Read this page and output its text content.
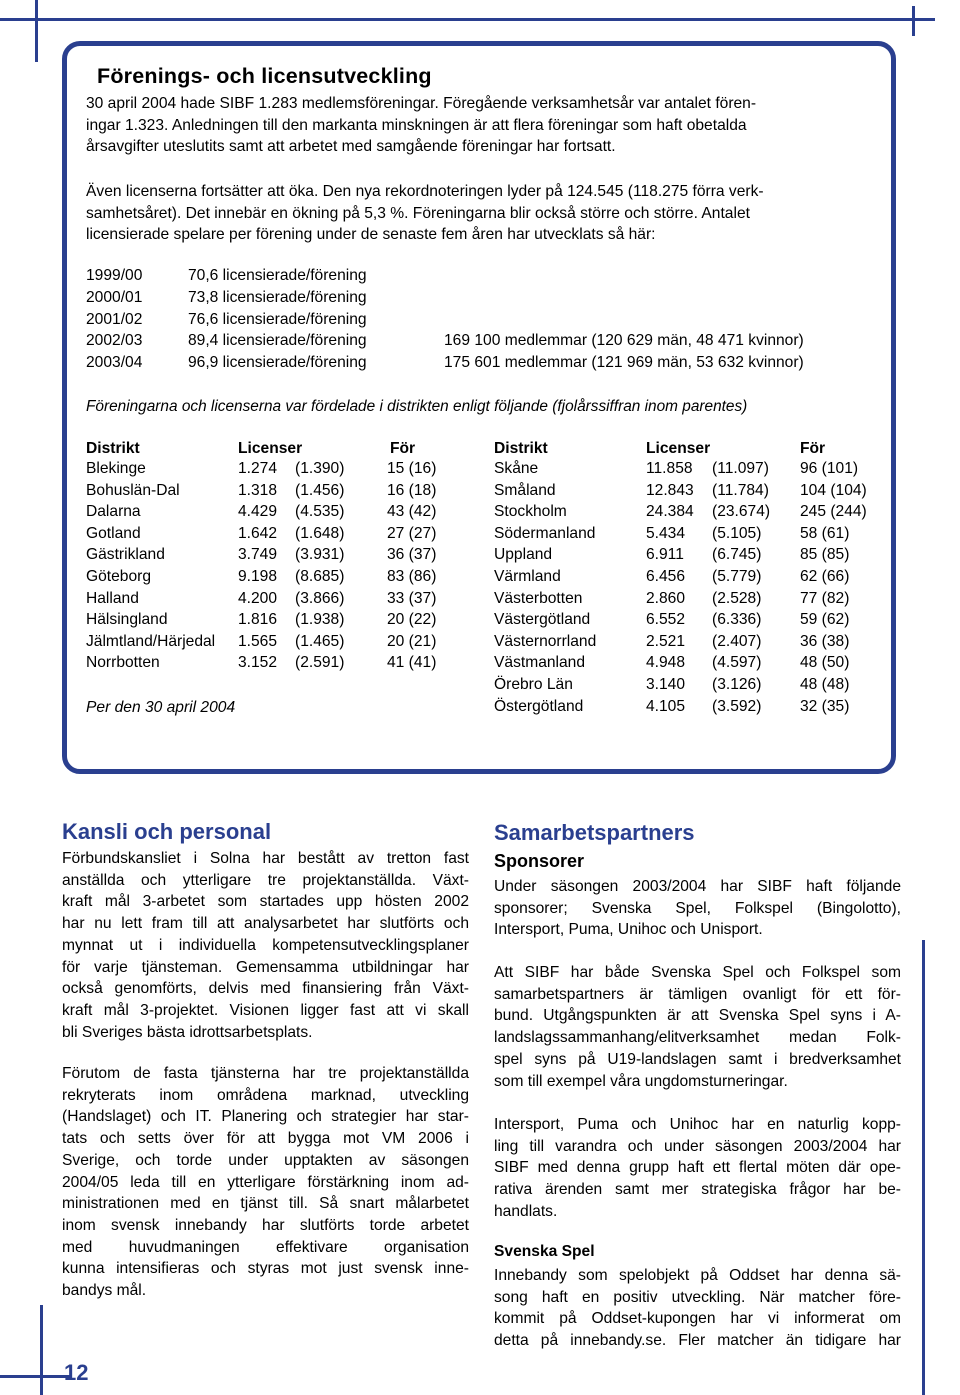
Förenings- och licensutveckling
30 april 2004 hade SIBF 1.283 medlemsföreningar. Föregående verksamhetsår var antalet fören-
ingar 1.323. Anledningen till den markanta minskningen är att flera föreningar som haft obetalda
årsavgifter uteslutits samt att arbetet med samgående föreningar har fortsatt.
Även licenserna fortsätter att öka. Den nya rekordnoteringen lyder på 124.545 (118.275 förra verk-
samhetsåret). Det innebär en ökning på 5,3 %. Föreningarna blir också större och större. Antalet
licensierade spelare per förening under de senaste fem åren har utvecklats så här:
1999/00	70,6 licensierade/förening
2000/01	73,8 licensierade/förening
2001/02	76,6 licensierade/förening
2002/03	89,4 licensierade/förening	169 100 medlemmar (120 629 män, 48 471 kvinnor)
2003/04	96,9 licensierade/förening	175 601 medlemmar (121 969 män, 53 632 kvinnor)
Föreningarna och licenserna var fördelade i distrikten enligt följande (fjolårssiffran inom parentes)
Distrikt	Licenser	För	Distrikt	Licenser	För
Blekinge	1.274 (1.390)	15 (16)
Bohuslän-Dal	1.318 (1.456)	16 (18)
Dalarna	4.429 (4.535)	43 (42)
Gotland	1.642 (1.648)	27 (27)
Gästrikland	3.749 (3.931)	36 (37)
Göteborg	9.198 (8.685)	83 (86)
Halland	4.200 (3.866)	33 (37)
Hälsingland	1.816 (1.938)	20 (22)
Jälmtland/Härjedal 1.565 (1.465)	20 (21)
Norrbotten	3.152 (2.591)	41 (41)
Skåne	11.858 (11.097) 96 (101)
Småland	12.843 (11.784) 104 (104)
Stockholm	24.384 (23.674) 245 (244)
Södermanland	5.434 (5.105) 58 (61)
Uppland	6.911 (6.745) 85 (85)
Värmland	6.456 (5.779) 62 (66)
Västerbotten	2.860 (2.528) 77 (82)
Västergötland	6.552 (6.336) 59 (62)
Västernorrland	2.521 (2.407) 36 (38)
Västmanland	4.948 (4.597) 48 (50)
Örebro Län	3.140 (3.126) 48 (48)
Östergötland	4.105 (3.592) 32 (35)
Per den 30 april 2004
Kansli och personal
Förbundskansliet i Solna har bestått av tretton fast
anställda och ytterligare tre projektanställda. Växt-
kraft mål 3-arbetet som startades upp hösten 2002
har nu lett fram till att analysarbetet har slutförts och
mynnat ut i individuella kompetensutvecklingsplaner
för varje tjänsteman. Gemensamma utbildningar har
också genomförts, delvis med finansiering från Växt-
kraft mål 3-projektet. Visionen ligger fast att vi skall
bli Sveriges bästa idrottsarbetsplats.
Förutom de fasta tjänsterna har tre projektanställda
rekryterats inom områdena marknad, utveckling
(Handslaget) och IT. Planering och strategier har star-
tats och setts över för att bygga mot VM 2006 i
Sverige, och torde under upptakten av säsongen
2004/05 leda till en ytterligare förstärkning inom ad-
ministrationen med en tjänst till. Så snart målarbetet
inom svensk innebandy har slutförts torde arbetet
med huvudmaningen effektivare organisation
kunna intensifieras och styras mot just svensk inne-
bandys mål.
Samarbetspartners
Sponsorer
Under säsongen 2003/2004 har SIBF haft följande
sponsorer; Svenska Spel, Folkspel (Bingolotto),
Intersport, Puma, Unihoc och Unisport.
Att SIBF har både Svenska Spel och Folkspel som
samarbetspartners är tämligen ovanligt för ett för-
bund. Utgångspunkten är att Svenska Spel syns i A-
landslagssammanhang/elitverksamhet medan Folk-
spel syns på U19-landslagen samt i bredverksamhet
som till exempel våra ungdomsturneringar.
Intersport, Puma och Unihoc har en naturlig kopp-
ling till varandra och under säsongen 2003/2004 har
SIBF med denna grupp haft ett flertal möten där ope-
rativa ärenden samt mer strategiska frågor har be-
handlats.
Svenska Spel
Innebandy som spelobjekt på Oddset har denna sä-
song haft en positiv utveckling. När matcher före-
kommit på Oddset-kupongen har vi informerat om
detta på innebandy.se. Fler matcher än tidigare har
12
